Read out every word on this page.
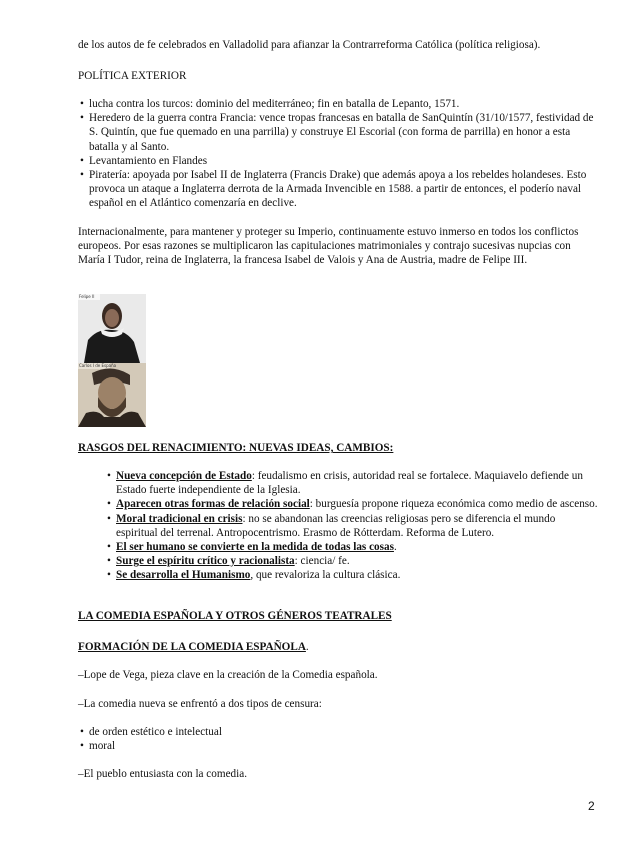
de los autos de fe celebrados en Valladolid para afianzar la Contrarreforma Católica (política religiosa).

POLÍTICA EXTERIOR

• lucha contra los turcos: dominio del mediterráneo; fin en batalla de Lepanto, 1571.
• Heredero de la guerra contra Francia: vence tropas francesas en batalla de SanQuintín (31/10/1577, festividad de S. Quintín, que fue quemado en una parrilla) y construye El Escorial (con forma de parrilla) en honor a esta batalla y al Santo.
• Levantamiento en Flandes
• Piratería: apoyada por Isabel II de Inglaterra (Francis Drake) que además apoya a los rebeldes holandeses. Esto provoca un ataque a Inglaterra derrota de la Armada Invencible en 1588. a partir de entonces, el poderío naval español en el Atlántico comenzaría en declive.

Internacionalmente, para mantener y proteger su Imperio, continuamente estuvo inmerso en todos los conflictos europeos. Por esas razones se multiplicaron las capitulaciones matrimoniales y contrajo sucesivas nupcias con María I Tudor, reina de Inglaterra, la francesa Isabel de Valois y Ana de Austria, madre de Felipe III.

Felipe II
Carlos I de España

RASGOS DEL RENACIMIENTO: NUEVAS IDEAS, CAMBIOS:

• Nueva concepción de Estado: feudalismo en crisis, autoridad real se fortalece. Maquiavelo defiende un Estado fuerte independiente de la Iglesia.
• Aparecen otras formas de relación social: burguesía propone riqueza económica como medio de ascenso.
• Moral tradicional en crisis: no se abandonan las creencias religiosas pero se diferencia el mundo espiritual del terrenal. Antropocentrismo. Erasmo de Rótterdam. Reforma de Lutero.
• El ser humano se convierte en la medida de todas las cosas.
• Surge el espíritu crítico y racionalista: ciencia/ fe.
• Se desarrolla el Humanismo, que revaloriza la cultura clásica.

LA COMEDIA ESPAÑOLA Y OTROS GÉNEROS TEATRALES

FORMACIÓN DE LA COMEDIA ESPAÑOLA.

–Lope de Vega, pieza clave en la creación de la Comedia española.

–La comedia nueva se enfrentó a dos tipos de censura:

• de orden estético e intelectual
• moral

–El pueblo entusiasta con la comedia.

2
